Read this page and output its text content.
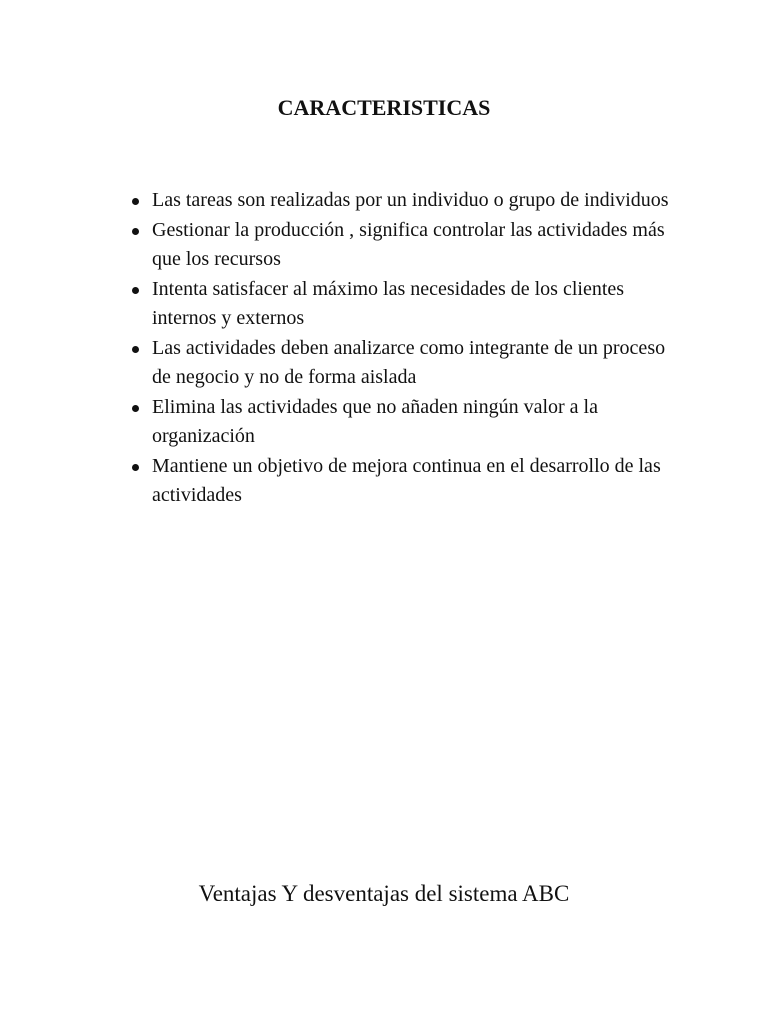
CARACTERISTICAS
Las tareas son realizadas por un individuo o grupo de individuos
Gestionar la producción , significa controlar las actividades más que los recursos
Intenta satisfacer al máximo las necesidades de los clientes internos y externos
Las actividades deben analizarce como integrante de un proceso de negocio y no de forma aislada
Elimina las actividades que no añaden ningún valor a la organización
Mantiene un objetivo de mejora continua en el desarrollo de las actividades
Ventajas Y desventajas del sistema ABC
